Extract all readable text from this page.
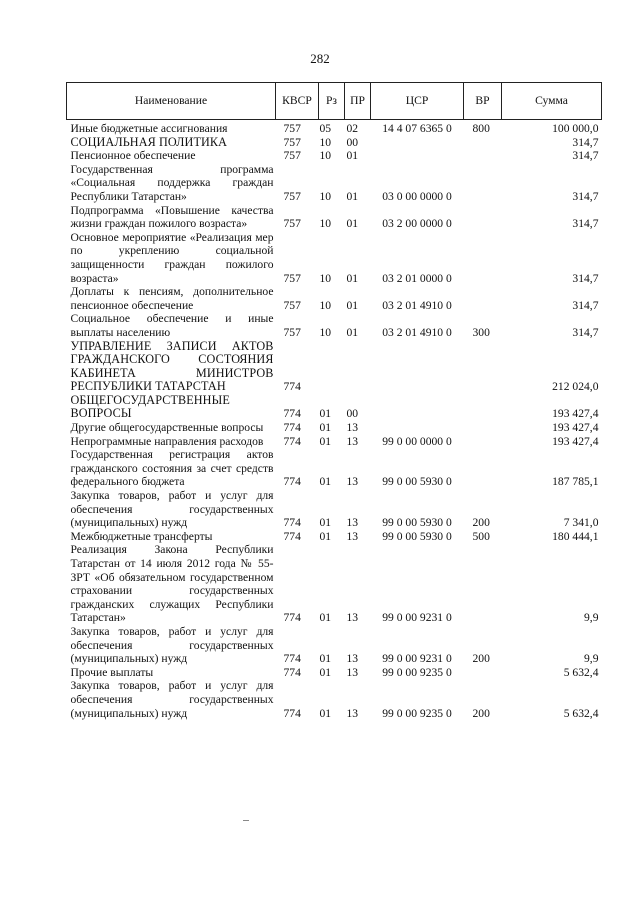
282
Наименование	КВСР	Рз	ПР	ЦСР	ВР	Сумма
Иные бюджетные ассигнования	757	05	02	14 4 07 6365 0	800	100 000,0
СОЦИАЛЬНАЯ ПОЛИТИКА	757	10	00			314,7
Пенсионное обеспечение	757	10	01			314,7
Государственная программа «Социальная поддержка граждан Республики Татарстан»	757	10	01	03 0 00 0000 0		314,7
Подпрограмма «Повышение качества жизни граждан пожилого возраста»	757	10	01	03 2 00 0000 0		314,7
Основное мероприятие «Реализация мер по укреплению социальной защищенности граждан пожилого возраста»	757	10	01	03 2 01 0000 0		314,7
Доплаты к пенсиям, дополнительное пенсионное обеспечение	757	10	01	03 2 01 4910 0		314,7
Социальное обеспечение и иные выплаты населению	757	10	01	03 2 01 4910 0	300	314,7
УПРАВЛЕНИЕ ЗАПИСИ АКТОВ ГРАЖДАНСКОГО СОСТОЯНИЯ КАБИНЕТА МИНИСТРОВ РЕСПУБЛИКИ ТАТАРСТАН	774					212 024,0
ОБЩЕГОСУДАРСТВЕННЫЕ ВОПРОСЫ	774	01	00			193 427,4
Другие общегосударственные вопросы	774	01	13			193 427,4
Непрограммные направления расходов	774	01	13	99 0 00 0000 0		193 427,4
Государственная регистрация актов гражданского состояния за счет средств федерального бюджета	774	01	13	99 0 00 5930 0		187 785,1
Закупка товаров, работ и услуг для обеспечения государственных (муниципальных) нужд	774	01	13	99 0 00 5930 0	200	7 341,0
Межбюджетные трансферты	774	01	13	99 0 00 5930 0	500	180 444,1
Реализация Закона Республики Татарстан от 14 июля 2012 года № 55-ЗРТ «Об обязательном государственном страховании государственных гражданских служащих Республики Татарстан»	774	01	13	99 0 00 9231 0		9,9
Закупка товаров, работ и услуг для обеспечения государственных (муниципальных) нужд	774	01	13	99 0 00 9231 0	200	9,9
Прочие выплаты	774	01	13	99 0 00 9235 0		5 632,4
Закупка товаров, работ и услуг для обеспечения государственных (муниципальных) нужд	774	01	13	99 0 00 9235 0	200	5 632,4
